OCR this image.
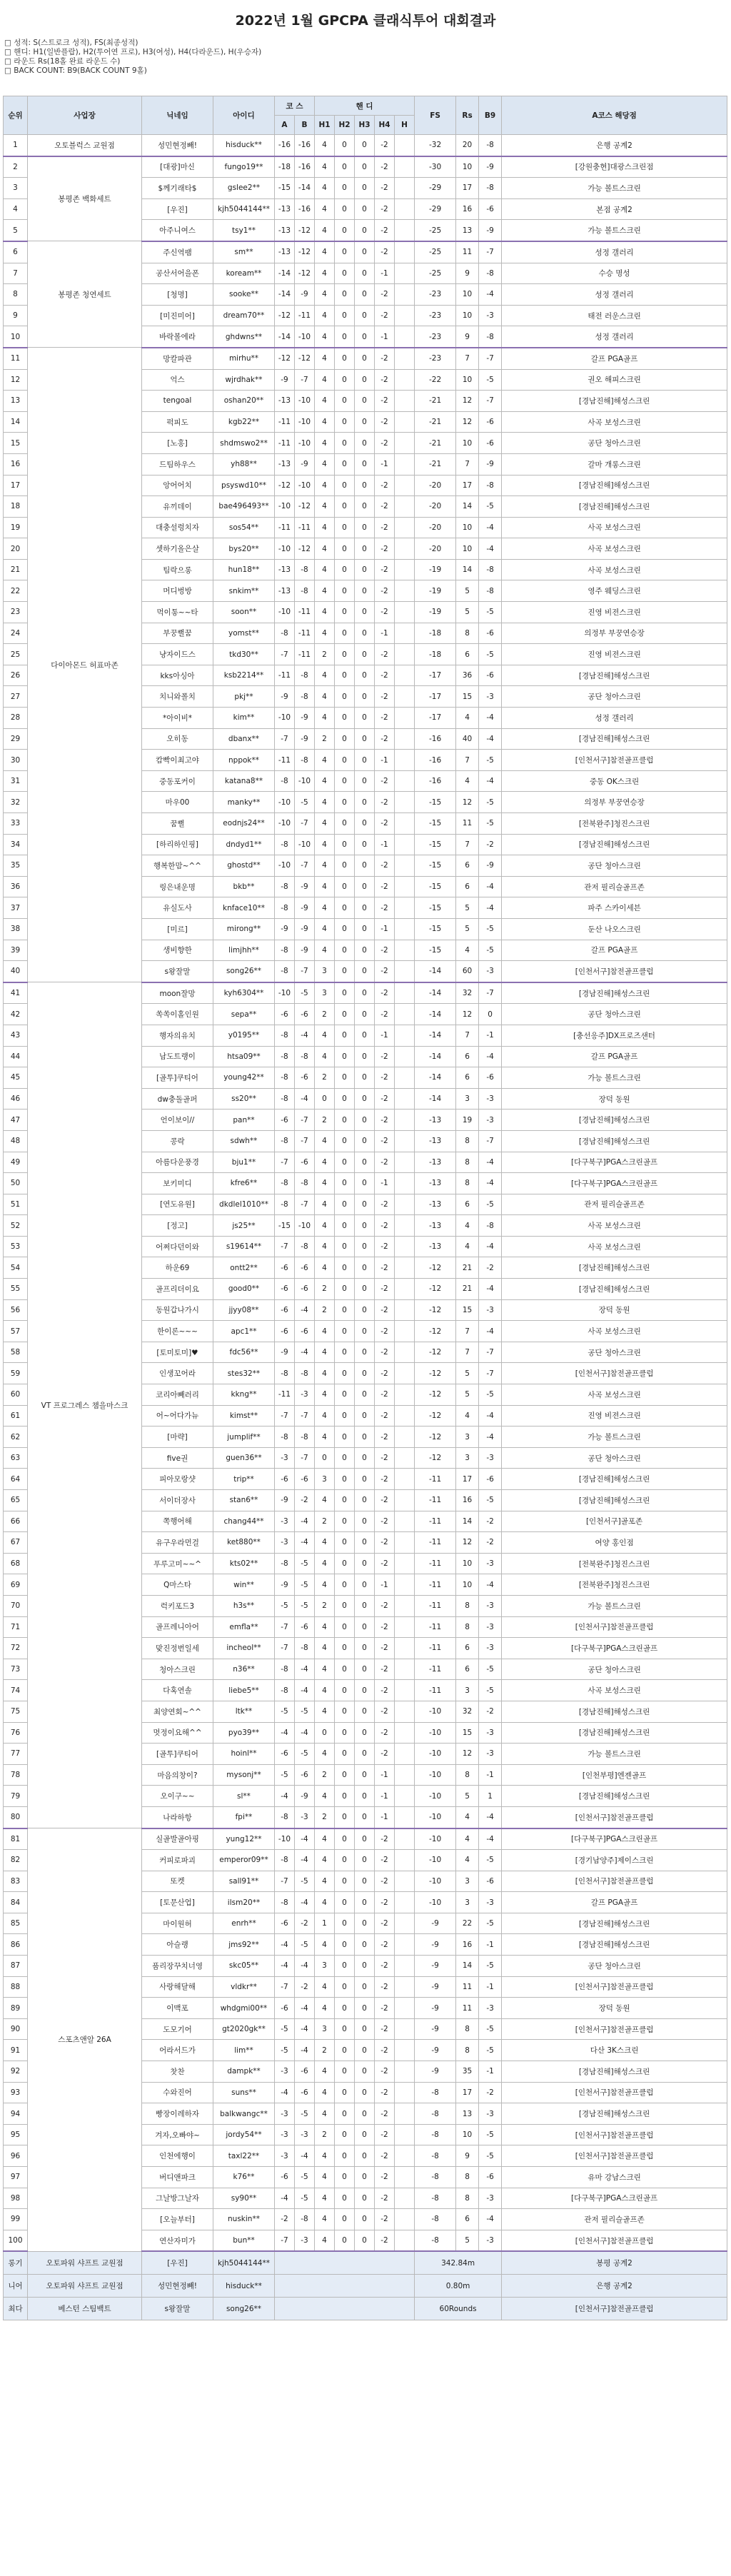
2022년 1월 GPCPA 클래식투어 대회결과
□ 성적: S(스트로크 성적), FS(최종성적)
□ 핸디: H1(일반플랍), H2(투어연 프로), H3(여성), H4(다라운드), H(우승자)
□ 라운드 Rs(18홀 완료 라운드 수)
□ BACK COUNT: B9(BACK COUNT 9홀)
순위	사업장	닉네임	아이디	코 스		핸 디					FS	Rs	B9	A코스 해당점
				A	B	H1	H2	H3	H4	H				
1	오토블럭스 교원점	성민현정빼!	hisduck**	-16	-16	4	0	0	-2		-32	20	-8	은행 공계2
2	봉평존 백화세트	[대광]마신	fungo19**	-18	-16	4	0	0	-2		-30	10	-9	[강원충현]대광스크린점
3		$께기래타$	gslee2**	-15	-14	4	0	0	-2		-29	17	-8	가능 볼트스크린
4		[우진]	kjh5044144**	-13	-16	4	0	0	-2		-29	16	-6	본점 공계2
5		아주니여스	tsy1**	-13	-12	4	0	0	-2		-25	13	-9	가능 볼트스크린
6	봉평존 청연세트	주신역팸	sm**	-13	-12	4	0	0	-2		-25	11	-7	성정 갤러리
7		공산서어을폰	koream**	-14	-12	4	0	0	-1		-25	9	-8	수승 명성
8		[청명]	sooke**	-14	-9	4	0	0	-2		-23	10	-4	성정 갤러리
9		[미진미어]	dream70**	-12	-11	4	0	0	-2		-23	10	-3	태전 러운스크린
10		바락볼에라	ghdwns**	-14	-10	4	0	0	-1		-23	9	-8	성정 갤러리
11	다이아몬드 허표마존	망칼파관	mirhu**	-12	-12	4	0	0	-2		-23	7	-7	갈프 PGA골프
12		억스	wjrdhak**	-9	-7	4	0	0	-2		-22	10	-5	권오 해피스크린
13		tengoal	oshan20**	-13	-10	4	0	0	-2		-21	12	-7	[경남진해]해성스크린
14		퍽피도	kgb22**	-11	-10	4	0	0	-2		-21	12	-6	사곡 보성스크린
15		[노홍]	shdmswo2**	-11	-10	4	0	0	-2		-21	10	-6	공단 청아스크린
16		드팀하우스	yh88**	-13	-9	4	0	0	-1		-21	7	-9	갈마 개롱스크린
17		앙어어치	psyswd10**	-12	-10	4	0	0	-2		-20	17	-8	[경남진해]해성스크린
18		유끼데이	bae496493**	-10	-12	4	0	0	-2		-20	14	-5	[경남진해]해성스크린
19		대충설렁치자	sos54**	-11	-11	4	0	0	-2		-20	10	-4	사곡 보성스크린
20		셋하기올은살	bys20**	-10	-12	4	0	0	-2		-20	10	-4	사곡 보성스크린
21		팀락으롱	hun18**	-13	-8	4	0	0	-2		-19	14	-8	사곡 보성스크린
22		머디벙방	snkim**	-13	-8	4	0	0	-2		-19	5	-8	영주 웨딩스크린
23		먹이통~~타	soon**	-10	-11	4	0	0	-2		-19	5	-5	진영 비젼스크린
24		부꿍뻘꿈	yomst**	-8	-11	4	0	0	-1		-18	8	-6	의정부 부꿍연승장
25		냥자이드스	tkd30**	-7	-11	2	0	0	-2		-18	6	-5	진영 비젼스크린
26		kks아싱아	ksb2214**	-11	-8	4	0	0	-2		-17	36	-6	[경남진해]해성스크린
27		치니와폴치	pkj**	-9	-8	4	0	0	-2		-17	15	-3	공단 청아스크린
28		*아이비*	kim**	-10	-9	4	0	0	-2		-17	4	-4	성정 갤러리
29		오히동	dbanx**	-7	-9	2	0	0	-2		-16	40	-4	[경남진해]해성스크린
30		캄빡이최고야	nppok**	-11	-8	4	0	0	-1		-16	7	-5	[인천서구]참전골프클럽
31		중동포커이	katana8**	-8	-10	4	0	0	-2		-16	4	-4	중동 OK스크린
32		마우00	manky**	-10	-5	4	0	0	-2		-15	12	-5	의정부 부꿍연승장
33		꿈뻘	eodnjs24**	-10	-7	4	0	0	-2		-15	11	-5	[전북완주]청진스크린
34		[하리하인핑]	dndyd1**	-8	-10	4	0	0	-1		-15	7	-2	[경남진해]해성스크린
35		행복한맘~^^	ghostd**	-10	-7	4	0	0	-2		-15	6	-9	공단 청아스크린
36		링은내운명	bkb**	-8	-9	4	0	0	-2		-15	6	-4	관저 필리슬골프존
37		유실도사	knface10**	-8	-9	4	0	0	-2		-15	5	-4	파주 스카이세븐
38		[미르]	mirong**	-9	-9	4	0	0	-1		-15	5	-5	둔산 나오스크린
39		생비향한	limjhh**	-8	-9	4	0	0	-2		-15	4	-5	갈프 PGA골프
40		s왕잘말	song26**	-8	-7	3	0	0	-2		-14	60	-3	[인천서구]참전골프클럽
41	VT 프로그레스 챔을마스크	moon잘망	kyh6304**	-10	-5	3	0	0	-2		-14	32	-7	[경남진해]해성스크린
42		쏙쏙이홀인원	sepa**	-6	-6	2	0	0	-2		-14	12	0	공단 청아스크린
43		행자의유치	y0195**	-8	-4	4	0	0	-1		-14	7	-1	[충선응주]DX프로즈샌터
44		남도트랭이	htsa09**	-8	-8	4	0	0	-2		-14	6	-4	갈프 PGA골프
45		[골투]쿠티어	young42**	-8	-6	2	0	0	-2		-14	6	-6	가능 볼트스크린
46		dw충돌골퍼	ss20**	-8	-4	0	0	0	-2		-14	3	-3	장덕 동원
47		언이보이//	pan**	-6	-7	2	0	0	-2		-13	19	-3	[경남진해]해성스크린
48		콩락	sdwh**	-8	-7	4	0	0	-2		-13	8	-7	[경남진해]해성스크린
49		아름다운풍경	bju1**	-7	-6	4	0	0	-2		-13	8	-4	[다구북구]PGA스크린골프
50		보키미디	kfre6**	-8	-8	4	0	0	-1		-13	8	-4	[다구북구]PGA스크린골프
51		[연도유원]	dkdlel1010**	-8	-7	4	0	0	-2		-13	6	-5	관저 필리슬골프존
52		[정고]	js25**	-15	-10	4	0	0	-2		-13	4	-8	사곡 보성스크린
53		어쩌다던이와	s19614**	-7	-8	4	0	0	-2		-13	4	-4	사곡 보성스크린
54		하운69	ontt2**	-6	-6	4	0	0	-2		-12	21	-2	[경남진해]해성스크린
55		골프리더이요	good0**	-6	-6	2	0	0	-2		-12	21	-4	[경남진해]해성스크린
56		동원갑나가시	jjyy08**	-6	-4	2	0	0	-2		-12	15	-3	장덕 동원
57		한이론~~~	apc1**	-6	-6	4	0	0	-2		-12	7	-4	사곡 보성스크린
58		[토미토미]♥	fdc56**	-9	-4	4	0	0	-2		-12	7	-7	공단 청아스크린
59		인생꼬어라	stes32**	-8	-8	4	0	0	-2		-12	5	-7	[인천서구]참전골프클럽
60		코리아빼러리	kkng**	-11	-3	4	0	0	-2		-12	5	-5	사곡 보성스크린
61		어~어다가뉴	kimst**	-7	-7	4	0	0	-2		-12	4	-4	진영 비젼스크린
62		[마략]	jumplif**	-8	-8	4	0	0	-2		-12	3	-4	가능 볼트스크린
63		five권	guen36**	-3	-7	0	0	0	-2		-12	3	-3	공단 청아스크린
64		피아모랑샷	trip**	-6	-6	3	0	0	-2		-11	17	-6	[경남진해]해성스크린
65		서이더장사	stan6**	-9	-2	4	0	0	-2		-11	16	-5	[경남진해]해성스크린
66		쪽행어해	chang44**	-3	-4	2	0	0	-2		-11	14	-2	[인천서구]골포존
67		유구우라먼걸	ket880**	-3	-4	4	0	0	-2		-11	12	-2	여양 홍인점
68		푸루고미~~^	kts02**	-8	-5	4	0	0	-2		-11	10	-3	[전북완주]청진스크린
69		Q마스타	win**	-9	-5	4	0	0	-1		-11	10	-4	[전북완주]청진스크린
70		럭키포드3	h3s**	-5	-5	2	0	0	-2		-11	8	-3	가능 볼트스크린
71		골프레니아어	emfla**	-7	-6	4	0	0	-2		-11	8	-3	[인천서구]참전골프클럽
72		맞진정번일세	incheol**	-7	-8	4	0	0	-2		-11	6	-3	[다구북구]PGA스크린골프
73		청아스크린	n36**	-8	-4	4	0	0	-2		-11	6	-5	공단 청아스크린
74		다혹연솔	liebe5**	-8	-4	4	0	0	-2		-11	3	-5	사곡 보성스크린
75		최양연회~^^	ltk**	-5	-5	4	0	0	-2		-10	32	-2	[경남진해]해성스크린
76		멋정이요해^^	pyo39**	-4	-4	0	0	0	-2		-10	15	-3	[경남진해]해성스크린
77		[골투]쿠티어	hoinl**	-6	-5	4	0	0	-2		-10	12	-3	가능 볼트스크린
78		마음의창이?	mysonj**	-5	-6	2	0	0	-1		-10	8	-1	[인천부평]엔젠골프
79		오이구~~	sl**	-4	-9	4	0	0	-1		-10	5	1	[경남진해]해성스크린
80		나라하항	fpi**	-8	-3	2	0	0	-1		-10	4	-4	[인천서구]참전골프클럽
81	스포츠앤알 26A	실골발골아핑	yung12**	-10	-4	4	0	0	-2		-10	4	-4	[다구북구]PGA스크린골프
82		커피로파괴	emperor09**	-8	-4	4	0	0	-2		-10	4	-5	[경기남양주]제이스크린
83		또켓	sall91**	-7	-5	4	0	0	-2		-10	3	-6	[인천서구]참전골프클럽
84		[토문산업]	ilsm20**	-8	-4	4	0	0	-2		-10	3	-3	갈프 PGA골프
85		마이원허	enrh**	-6	-2	1	0	0	-2		-9	22	-5	[경남진해]해성스크린
86		아슬랭	jms92**	-4	-5	4	0	0	-2		-9	16	-1	[경남진해]해성스크린
87		품리장꾸치너영	skc05**	-4	-4	3	0	0	-2		-9	14	-5	공단 청아스크린
88		사랑해달해	vldkr**	-7	-2	4	0	0	-2		-9	11	-1	[인천서구]참전골프클럽
89		이맥포	whdgmi00**	-6	-4	4	0	0	-2		-9	11	-3	장덕 동원
90		도모기어	gt2020gk**	-5	-4	3	0	0	-2		-9	8	-5	[인천서구]참전골프클럽
91		어라서드가	lim**	-5	-4	2	0	0	-2		-9	8	-5	다산 3K스크린
92		찻찬	dampk**	-3	-6	4	0	0	-2		-9	35	-1	[경남진해]해성스크린
93		수와진어	suns**	-4	-6	4	0	0	-2		-8	17	-2	[인천서구]참전골프클럽
94		빵장이레하자	balkwangc**	-3	-5	4	0	0	-2		-8	13	-3	[경남진해]해성스크린
95		겨자,오빠야~	jordy54**	-3	-3	2	0	0	-2		-8	10	-5	[인천서구]참전골프클럽
96		인천에행이	taxl22**	-3	-4	4	0	0	-2		-8	9	-5	[인천서구]참전골프클럽
97		버디앤파크	k76**	-6	-5	4	0	0	-2		-8	8	-6	유마 강남스크린
98		그날방그날자	sy90**	-4	-5	4	0	0	-2		-8	8	-3	[다구북구]PGA스크린골프
99		[오늘부터]	nuskin**	-2	-8	4	0	0	-2		-8	6	-4	관저 필리슬골프존
100		연산자미가	bun**	-7	-3	4	0	0	-2		-8	5	-3	[인천서구]참전골프클럽
롱기	오토파워 샤프트 교원점	[우진]	kjh5044144**								342.84m			봉평 공계2
니어	오토파워 샤프트 교원점	성민현정빼!	hisduck**								0.80m			은행 공계2
최다	베스턴 스팀백트	s왕잘말	song26**								60Rounds			[인천서구]참전골프클럽
